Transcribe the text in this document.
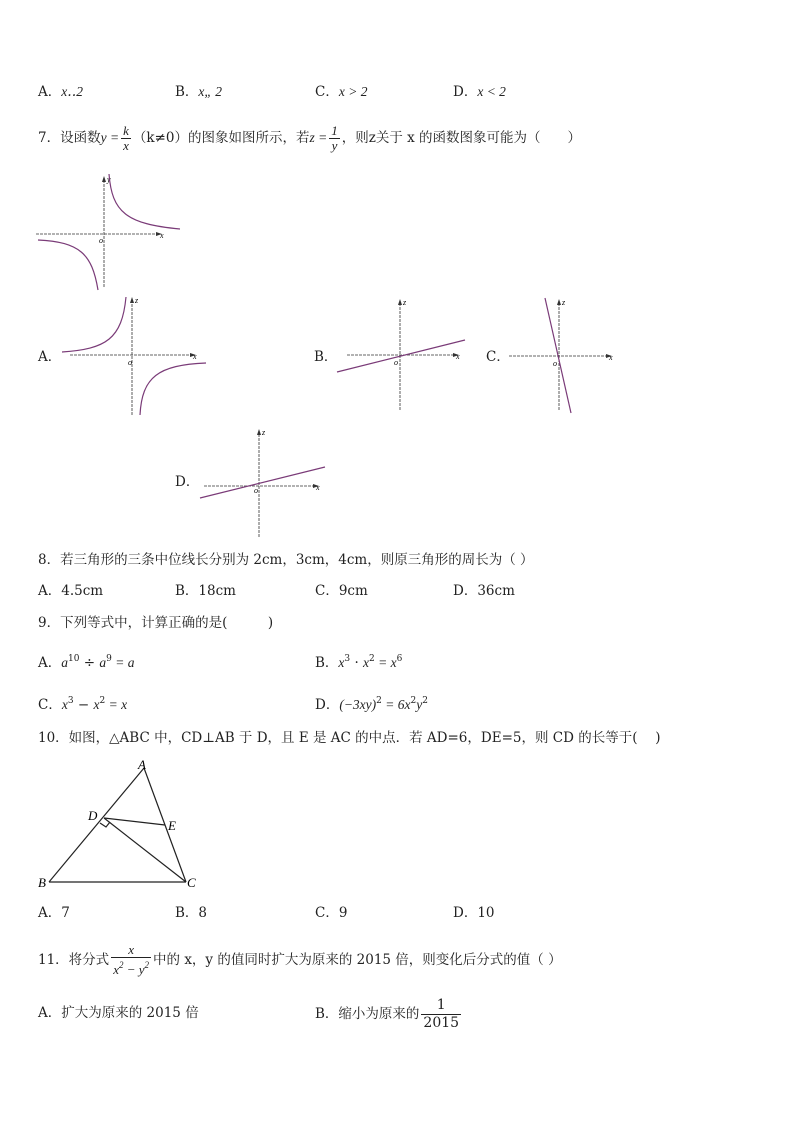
A．x‥2	B．x„ 2	C．x > 2	D．x < 2
7．设函数 $y = \frac{k}{x} (k\ne 0)$的图象如图所示，若 $z = \frac{1}{y}$ ，则z关于 x 的函数图象可能为（　　）
x
y
o
A．	x
z
o	B．	x
z
o	C．	x
z
o
D．	x
z
o
8．若三角形的三条中位线长分别为 2cm，3cm，4cm，则原三角形的周长为（ ）
A．4.5cm	B．18cm	C．9cm	D．36cm
9．下列等式中，计算正确的是(　　　)
A．$a^{10} \div a^9 = a$	B．$x^3 \cdot x^2 = x^6$
C．$x^3 - x^2 = x$	D．$(-3xy)^2 = 6x^2y^2$
10．如图，△ABC 中，CD⊥AB 于 D，且 E 是 AC 的中点．若 AD=6，DE=5，则 CD 的长等于(　 )
A
B	C
D
E
A．7	B．8	C．9	D．10
11．将分式 $\frac{x}{x^2 - y^2}$ 中的 x，y 的值同时扩大为原来的 2015 倍，则变化后分式的值（ ）
A．扩大为原来的 2015 倍	B．缩小为原来的 $\frac{1}{2015}$
